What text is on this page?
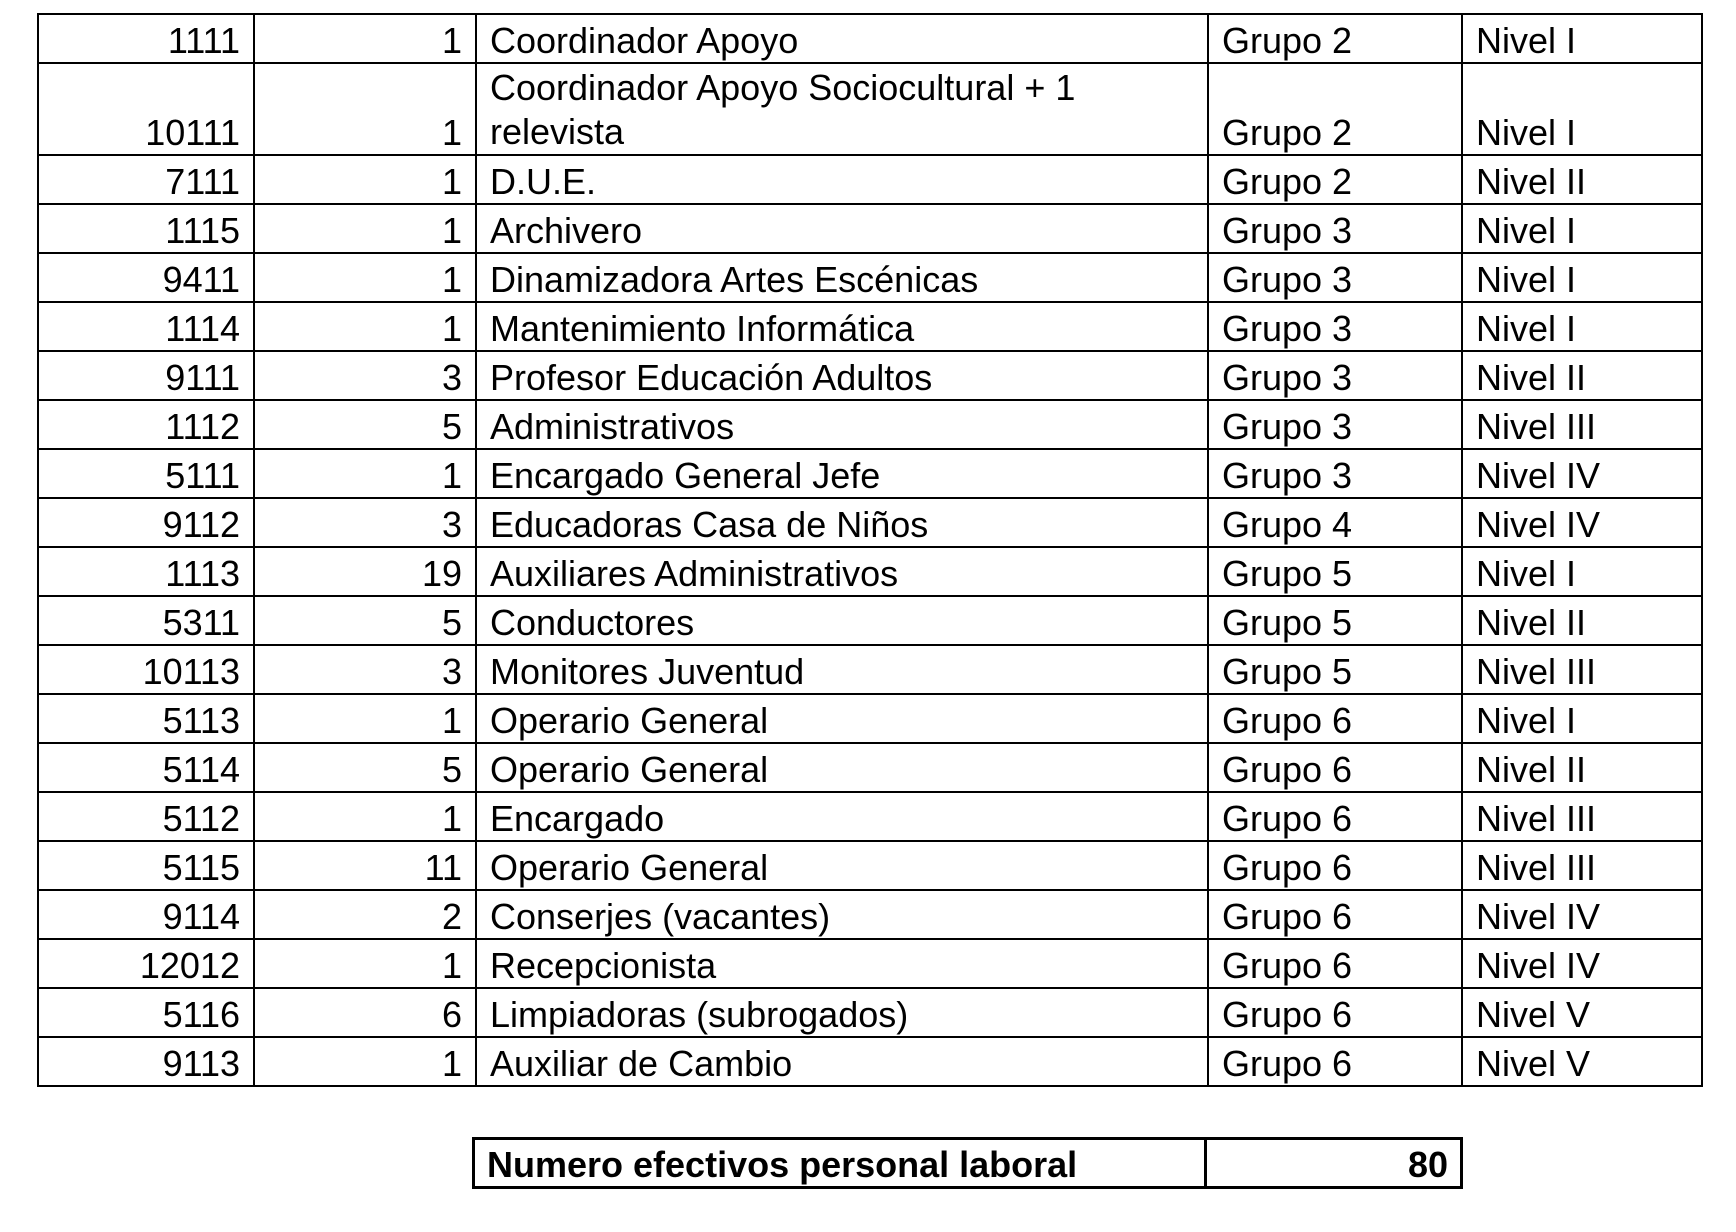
1111	1	Coordinador Apoyo	Grupo 2	Nivel I
10111	1	Coordinador Apoyo Sociocultural + 1 relevista	Grupo 2	Nivel I
7111	1	D.U.E.	Grupo 2	Nivel II
1115	1	Archivero	Grupo 3	Nivel I
9411	1	Dinamizadora Artes Escénicas	Grupo 3	Nivel I
1114	1	Mantenimiento Informática	Grupo 3	Nivel I
9111	3	Profesor Educación Adultos	Grupo 3	Nivel II
1112	5	Administrativos	Grupo 3	Nivel III
5111	1	Encargado General Jefe	Grupo 3	Nivel IV
9112	3	Educadoras Casa de Niños	Grupo 4	Nivel IV
1113	19	Auxiliares Administrativos	Grupo 5	Nivel I
5311	5	Conductores	Grupo 5	Nivel II
10113	3	Monitores Juventud	Grupo 5	Nivel III
5113	1	Operario General	Grupo 6	Nivel I
5114	5	Operario General	Grupo 6	Nivel II
5112	1	Encargado	Grupo 6	Nivel III
5115	11	Operario General	Grupo 6	Nivel III
9114	2	Conserjes (vacantes)	Grupo 6	Nivel IV
12012	1	Recepcionista	Grupo 6	Nivel IV
5116	6	Limpiadoras (subrogados)	Grupo 6	Nivel V
9113	1	Auxiliar de Cambio	Grupo 6	Nivel V
Numero efectivos personal laboral	80
